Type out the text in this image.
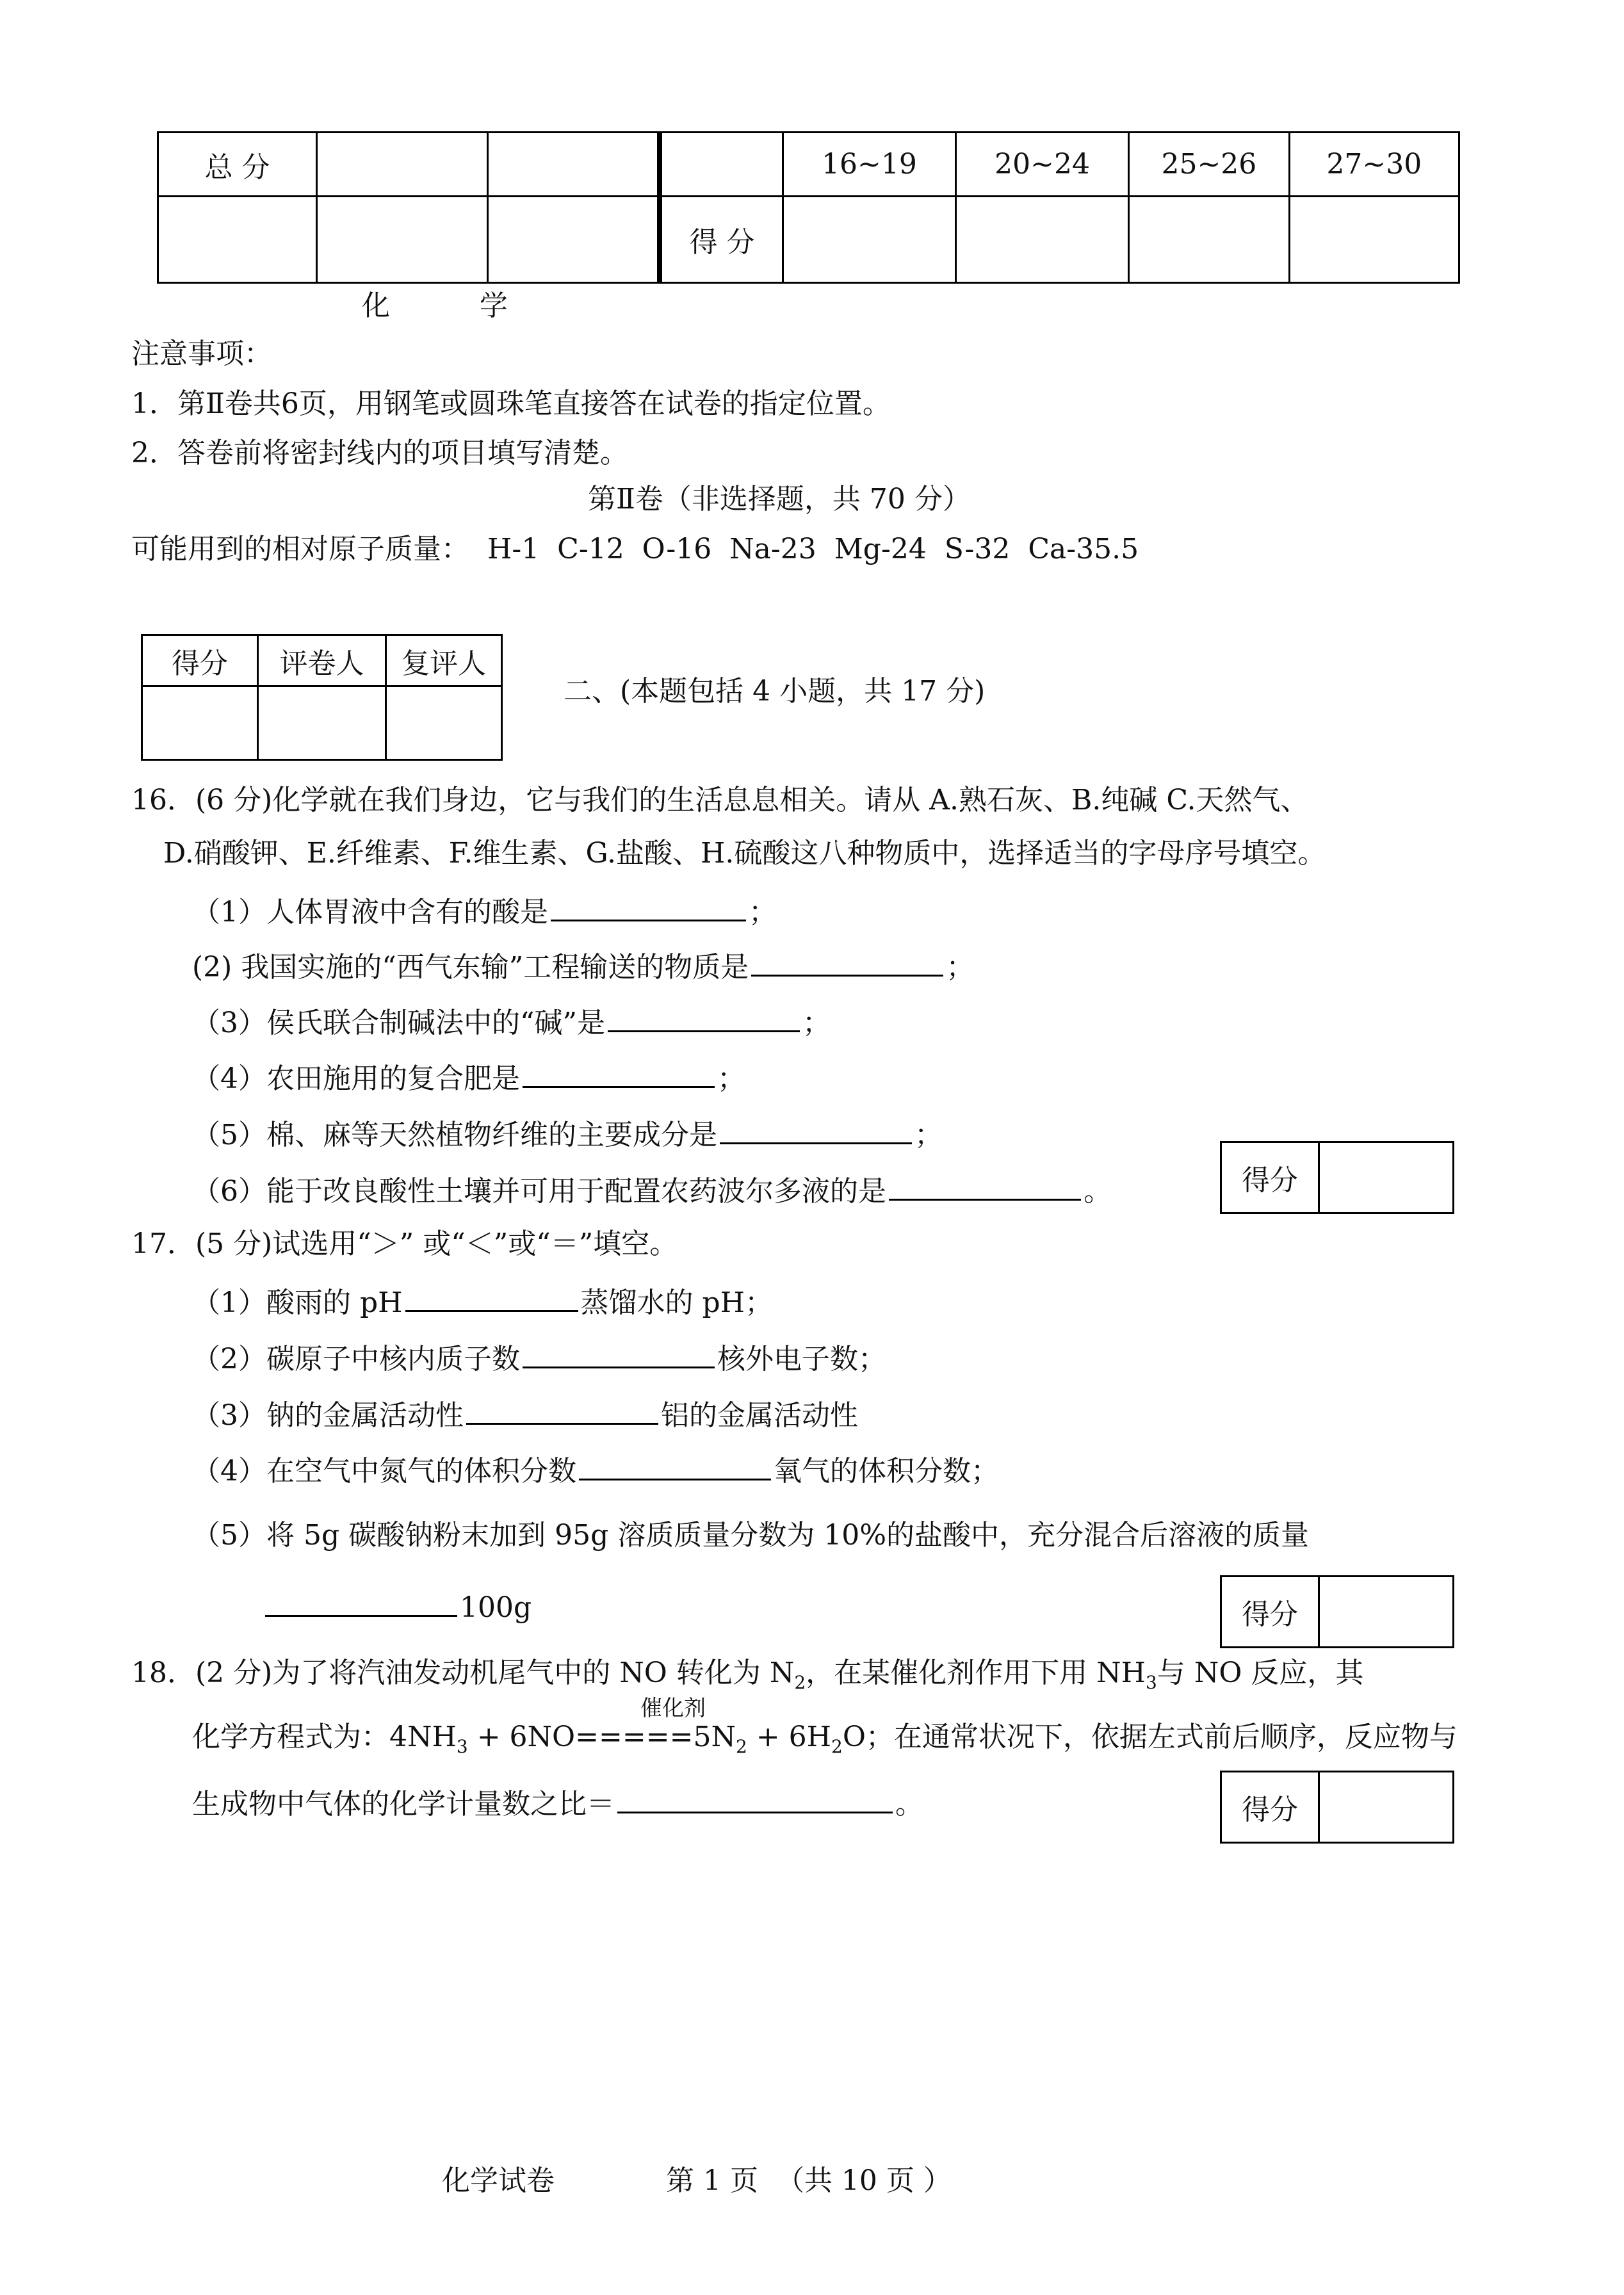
总 分				16~19	20~24	25~26	27~30
			得 分				
化          学
注意事项：
1．第Ⅱ卷共6页，用钢笔或圆珠笔直接答在试卷的指定位置。
2．答卷前将密封线内的项目填写清楚。
第Ⅱ卷（非选择题，共 70 分）
可能用到的相对原子质量：  H-1  C-12  O-16  Na-23  Mg-24  S-32  Ca-35.5
得分	评卷人	复评人

二、(本题包括 4 小题，共 17 分)
16．(6 分)化学就在我们身边，它与我们的生活息息相关。请从 A.熟石灰、B.纯碱 C.天然气、
D.硝酸钾、E.纤维素、F.维生素、G.盐酸、H.硫酸这八种物质中，选择适当的字母序号填空。
（1）人体胃液中含有的酸是	；
(2) 我国实施的“西气东输”工程输送的物质是	；
（3）侯氏联合制碱法中的“碱”是	；
（4）农田施用的复合肥是	；
（5）棉、麻等天然植物纤维的主要成分是	；
（6）能于改良酸性土壤并可用于配置农药波尔多液的是	。	得分
17．(5 分)试选用“＞” 或“＜”或“＝”填空。
（1）酸雨的 pH	蒸馏水的 pH；
（2）碳原子中核内质子数	核外电子数；
（3）钠的金属活动性	铝的金属活动性
（4）在空气中氮气的体积分数	氧气的体积分数；
（5）将 5g 碳酸钠粉末加到 95g 溶质质量分数为 10%的盐酸中，充分混合后溶液的质量
100g	得分
18．(2 分)为了将汽油发动机尾气中的 NO 转化为 $N_2$，在某催化剂作用下用 $NH_3$与 NO 反应，其
催化剂
化学方程式为：$4NH_3 + 6NO=====5N_2 + 6H_2O$；在通常状况下，依据左式前后顺序，反应物与
生成物中气体的化学计量数之比＝	。	得分
化学试卷	第 1 页  （共 10 页 ）
